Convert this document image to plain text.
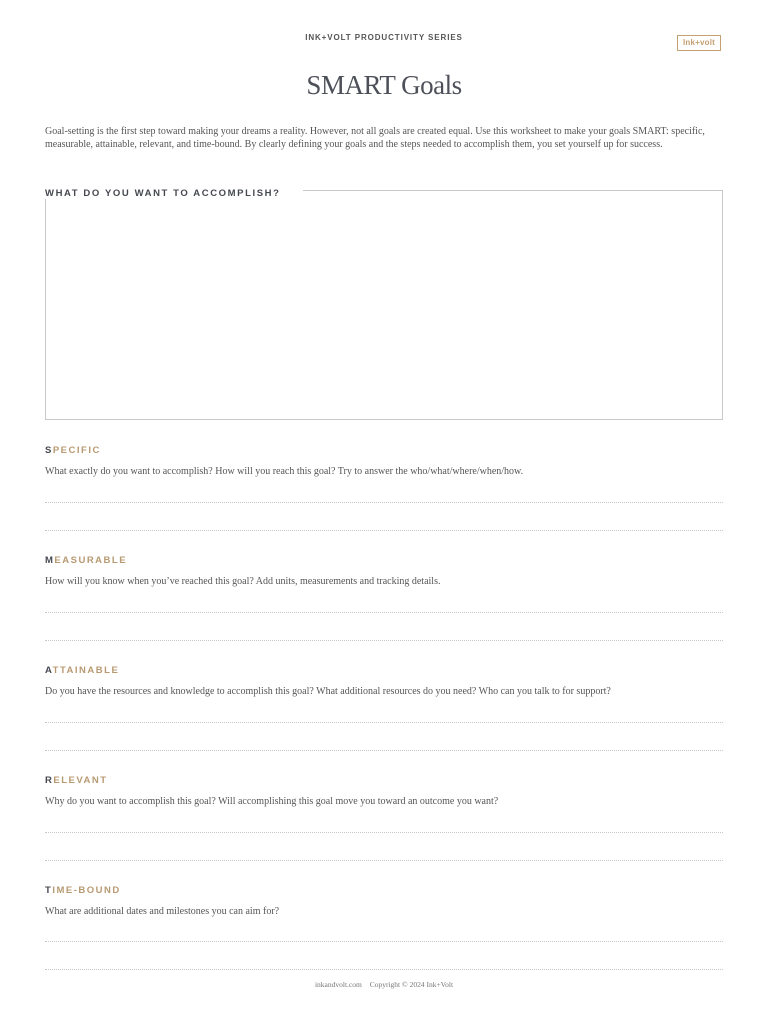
INK+VOLT PRODUCTIVITY SERIES
Ink+volt
SMART Goals
Goal-setting is the first step toward making your dreams a reality. However, not all goals are created equal. Use this worksheet to make your goals SMART: specific, measurable, attainable, relevant, and time-bound. By clearly defining your goals and the steps needed to accomplish them, you set yourself up for success.
WHAT DO YOU WANT TO ACCOMPLISH?
SPECIFIC
What exactly do you want to accomplish? How will you reach this goal? Try to answer the who/what/where/when/how.
MEASURABLE
How will you know when you’ve reached this goal? Add units, measurements and tracking details.
ATTAINABLE
Do you have the resources and knowledge to accomplish this goal? What additional resources do you need? Who can you talk to for support?
RELEVANT
Why do you want to accomplish this goal? Will accomplishing this goal move you toward an outcome you want?
TIME-BOUND
What are additional dates and milestones you can aim for?
inkandvolt.com Copyright © 2024 Ink+Volt
